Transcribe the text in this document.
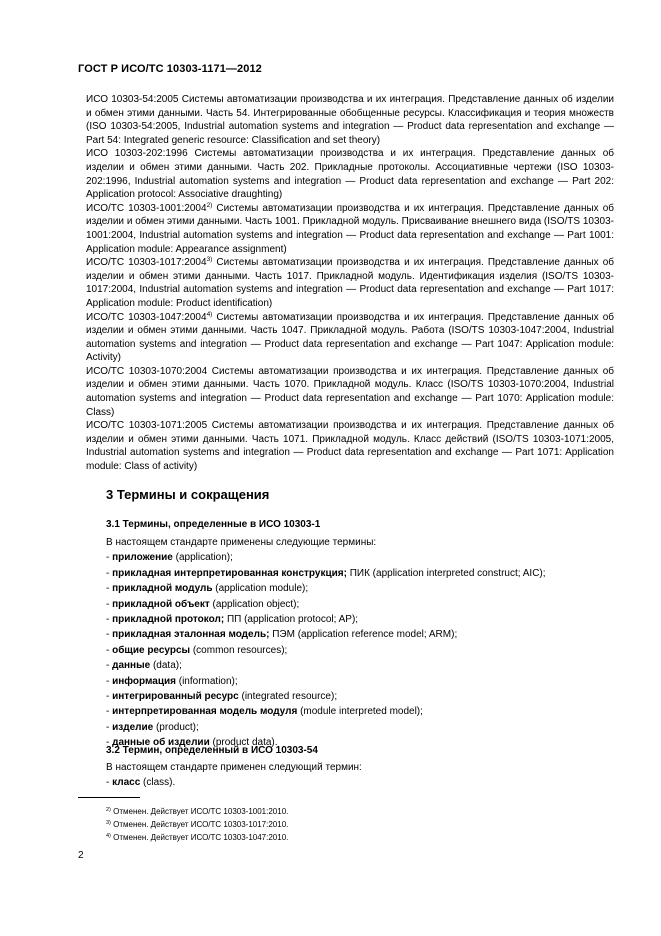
ГОСТ Р ИСО/ТС 10303-1171—2012

ИСО 10303-54:2005 Системы автоматизации производства и их интеграция. Представление данных об изделии и обмен этими данными. Часть 54. Интегрированные обобщенные ресурсы. Классификация и теория множеств (ISO 10303-54:2005, Industrial automation systems and integration — Product data representation and exchange — Part 54: Integrated generic resource: Classification and set theory)

ИСО 10303-202:1996 Системы автоматизации производства и их интеграция. Представление данных об изделии и обмен этими данными. Часть 202. Прикладные протоколы. Ассоциативные чертежи (ISO 10303-202:1996, Industrial automation systems and integration — Product data representation and exchange — Part 202: Application protocol: Associative draughting)

ИСО/ТС 10303-1001:2004$^{2)}$ Системы автоматизации производства и их интеграция. Представление данных об изделии и обмен этими данными. Часть 1001. Прикладной модуль. Присваивание внешнего вида (ISO/TS 10303-1001:2004, Industrial automation systems and integration — Product data representation and exchange — Part 1001: Application module: Appearance assignment)

ИСО/ТС 10303-1017:2004$^{3)}$ Системы автоматизации производства и их интеграция. Представление данных об изделии и обмен этими данными. Часть 1017. Прикладной модуль. Идентификация изделия (ISO/TS 10303-1017:2004, Industrial automation systems and integration — Product data representation and exchange — Part 1017: Application module: Product identification)

ИСО/ТС 10303-1047:2004$^{4)}$ Системы автоматизации производства и их интеграция. Представление данных об изделии и обмен этими данными. Часть 1047. Прикладной модуль. Работа (ISO/TS 10303-1047:2004, Industrial automation systems and integration — Product data representation and exchange — Part 1047: Application module: Activity)

ИСО/ТС 10303-1070:2004 Системы автоматизации производства и их интеграция. Представление данных об изделии и обмен этими данными. Часть 1070. Прикладной модуль. Класс (ISO/TS 10303-1070:2004, Industrial automation systems and integration — Product data representation and exchange — Part 1070: Application module: Class)

ИСО/ТС 10303-1071:2005 Системы автоматизации производства и их интеграция. Представление данных об изделии и обмен этими данными. Часть 1071. Прикладной модуль. Класс действий (ISO/TS 10303-1071:2005, Industrial automation systems and integration — Product data representation and exchange — Part 1071: Application module: Class of activity)

3 Термины и сокращения
3.1 Термины, определенные в ИСО 10303-1
В настоящем стандарте применены следующие термины:
- приложение (application);
- прикладная интерпретированная конструкция; ПИК (application interpreted construct; AIC);
- прикладной модуль (application module);
- прикладной объект (application object);
- прикладной протокол; ПП (application protocol; AP);
- прикладная эталонная модель; ПЭМ (application reference model; ARM);
- общие ресурсы (common resources);
- данные (data);
- информация (information);
- интегрированный ресурс (integrated resource);
- интерпретированная модель модуля (module interpreted model);
- изделие (product);
- данные об изделии (product data).
3.2 Термин, определенный в ИСО 10303-54
В настоящем стандарте применен следующий термин:
- класс (class).
$^{2)}$ Отменен. Действует ИСО/ТС 10303-1001:2010.
$^{3)}$ Отменен. Действует ИСО/ТС 10303-1017:2010.
$^{4)}$ Отменен. Действует ИСО/ТС 10303-1047:2010.
2
